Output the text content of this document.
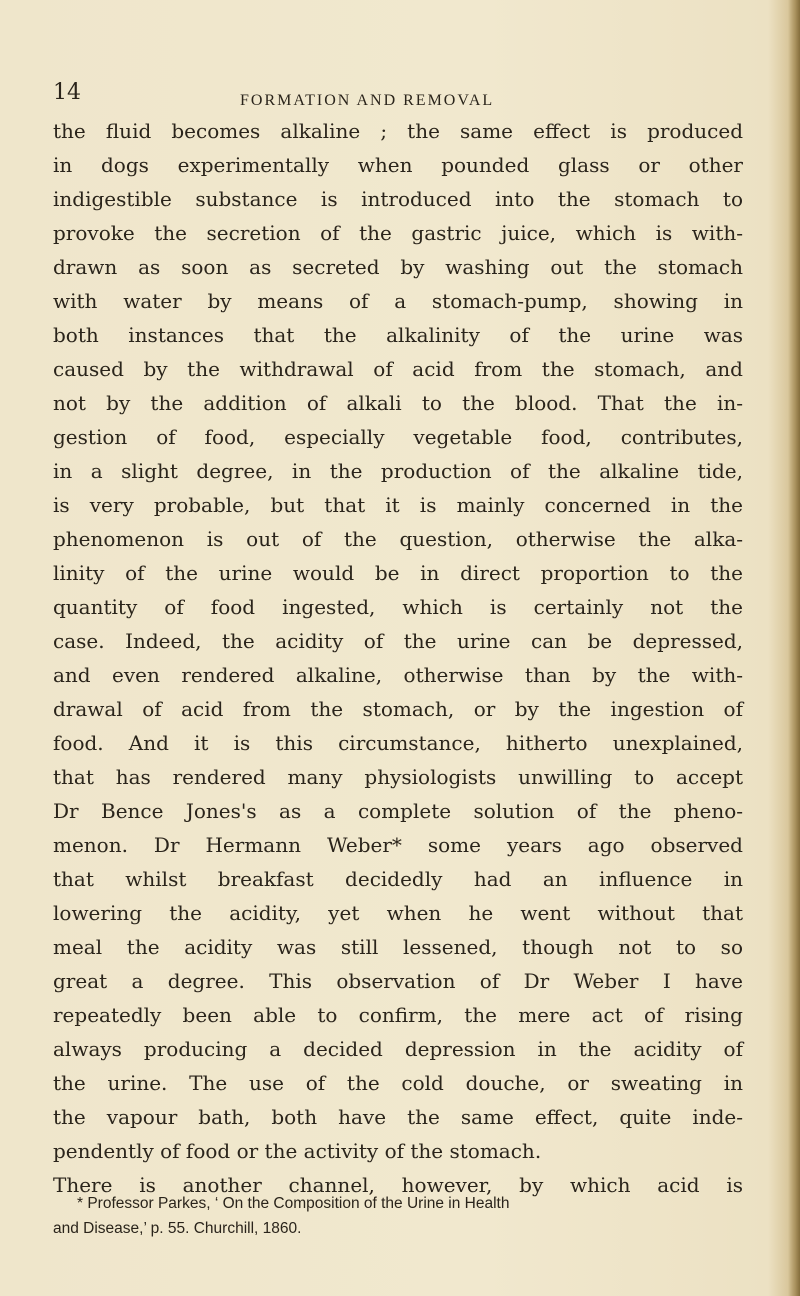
14	FORMATION AND REMOVAL
the fluid becomes alkaline ; the same effect is produced
in dogs experimentally when pounded glass or other
indigestible substance is introduced into the stomach to
provoke the secretion of the gastric juice, which is with-
drawn as soon as secreted by washing out the stomach
with water by means of a stomach-pump, showing in
both instances that the alkalinity of the urine was
caused by the withdrawal of acid from the stomach, and
not by the addition of alkali to the blood. That the in-
gestion of food, especially vegetable food, contributes,
in a slight degree, in the production of the alkaline tide,
is very probable, but that it is mainly concerned in the
phenomenon is out of the question, otherwise the alka-
linity of the urine would be in direct proportion to the
quantity of food ingested, which is certainly not the
case. Indeed, the acidity of the urine can be depressed,
and even rendered alkaline, otherwise than by the with-
drawal of acid from the stomach, or by the ingestion of
food. And it is this circumstance, hitherto unexplained,
that has rendered many physiologists unwilling to accept
Dr Bence Jones's as a complete solution of the pheno-
menon. Dr Hermann Weber* some years ago observed
that whilst breakfast decidedly had an influence in
lowering the acidity, yet when he went without that
meal the acidity was still lessened, though not to so
great a degree. This observation of Dr Weber I have
repeatedly been able to confirm, the mere act of rising
always producing a decided depression in the acidity of
the urine. The use of the cold douche, or sweating in
the vapour bath, both have the same effect, quite inde-
pendently of food or the activity of the stomach.
There is another channel, however, by which acid is
* Professor Parkes, ‘ On the Composition of the Urine in Health
and Disease,’ p. 55. Churchill, 1860.
